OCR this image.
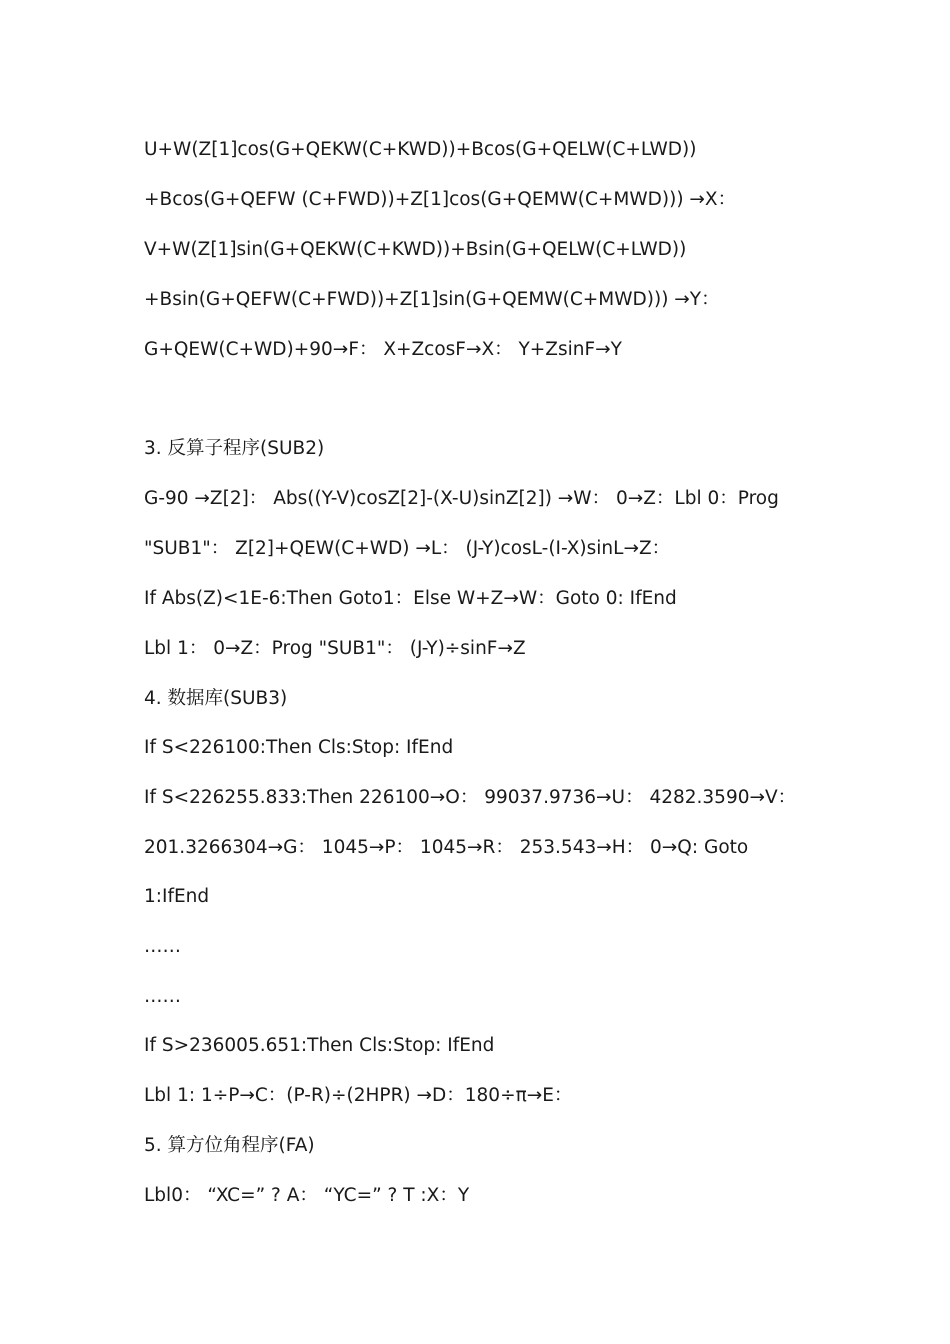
U+W(Z[1]cos(G+QEKW(C+KWD))+Bcos(G+QELW(C+LWD))
+Bcos(G+QEFW (C+FWD))+Z[1]cos(G+QEMW(C+MWD))) →X：
V+W(Z[1]sin(G+QEKW(C+KWD))+Bsin(G+QELW(C+LWD))
+Bsin(G+QEFW(C+FWD))+Z[1]sin(G+QEMW(C+MWD))) →Y：
G+QEW(C+WD)+90→F： X+ZcosF→X： Y+ZsinF→Y
3. 反算子程序(SUB2)
G-90 →Z[2]： Abs((Y-V)cosZ[2]-(X-U)sinZ[2]) →W： 0→Z：Lbl 0：Prog
"SUB1"： Z[2]+QEW(C+WD) →L： (J-Y)cosL-(I-X)sinL→Z：
If Abs(Z)<1E-6:Then Goto1：Else W+Z→W：Goto 0: IfEnd
Lbl 1： 0→Z：Prog "SUB1"： (J-Y)÷sinF→Z
4. 数据库(SUB3)
If S<226100:Then Cls:Stop: IfEnd
If S<226255.833:Then 226100→O： 99037.9736→U： 4282.3590→V：
201.3266304→G： 1045→P： 1045→R： 253.543→H： 0→Q: Goto
1:IfEnd
……
……
If S>236005.651:Then Cls:Stop: IfEnd
Lbl 1: 1÷P→C：(P-R)÷(2HPR) →D：180÷π→E：
5. 算方位角程序(FA)
Lbl0： “XC=” ? A： “YC=” ? T :X：Y
